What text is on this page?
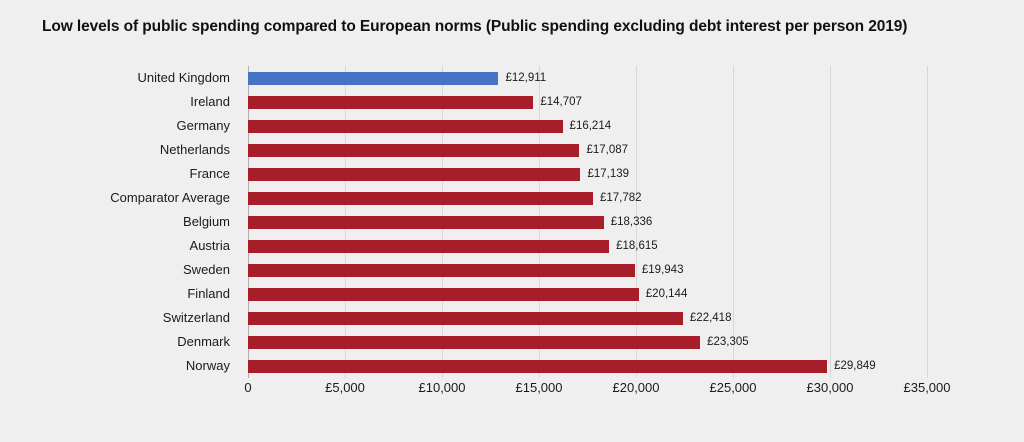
Low levels of public spending compared to European norms (Public spending excluding debt interest per person 2019)
United Kingdom
Ireland
Germany
Netherlands
France
Comparator Average
Belgium
Austria
Sweden
Finland
Switzerland
Denmark
Norway
£12,911
£14,707
£16,214
£17,087
£17,139
£17,782
£18,336
£18,615
£19,943
£20,144
£22,418
£23,305
£29,849
0	£5,000	£10,000	£15,000	£20,000	£25,000	£30,000	£35,000
